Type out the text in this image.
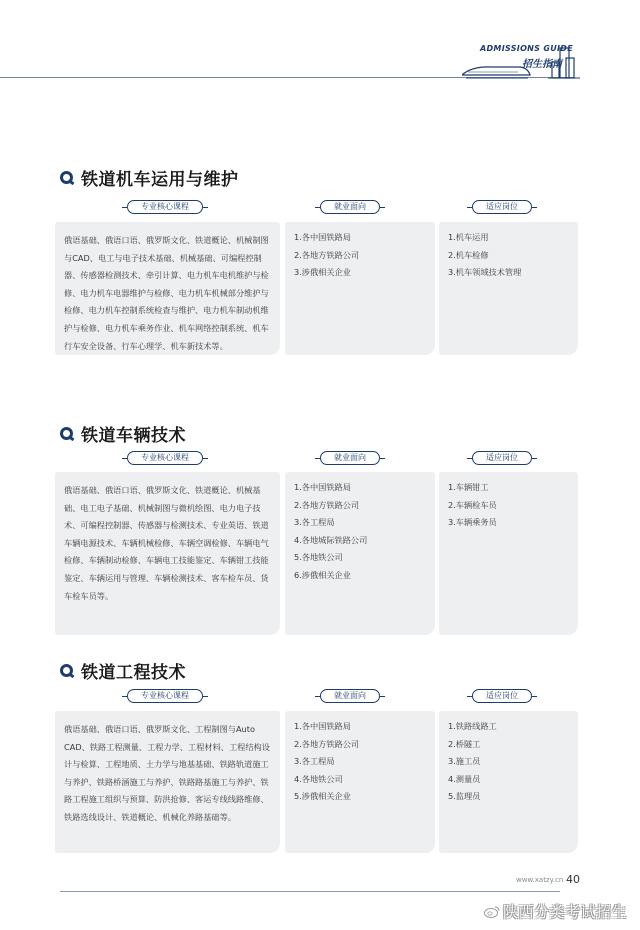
ADMISSIONS GUIDE
招生指南
铁道机车运用与维护
专业核心课程	就业面向	适应岗位
俄语基础、俄语口语、俄罗斯文化、铁道概论、机械制图与CAD、电工与电子技术基础、机械基础、可编程控制器、传感器检测技术、牵引计算、电力机车电机维护与检修、电力机车电器维护与检修、电力机车机械部分维护与检修、电力机车控制系统检查与维护、电力机车制动机维护与检修、电力机车乘务作业、机车网络控制系统、机车行车安全设备、行车心理学、机车新技术等。
1.各中国铁路局
2.各地方铁路公司
3.涉俄相关企业
1.机车运用
2.机车检修
3.机车领域技术管理
铁道车辆技术
专业核心课程	就业面向	适应岗位
俄语基础、俄语口语、俄罗斯文化、铁道概论、机械基础、电工电子基础、机械制图与微机绘图、电力电子技术、可编程控制器、传感器与检测技术、专业英语、铁道车辆电源技术、车辆机械检修、车辆空调检修、车辆电气检修、车辆制动检修、车辆电工技能鉴定、车辆钳工技能鉴定、车辆运用与管理、车辆检测技术、客车检车员、货车检车员等。
1.各中国铁路局
2.各地方铁路公司
3.各工程局
4.各地城际铁路公司
5.各地铁公司
6.涉俄相关企业
1.车辆钳工
2.车辆检车员
3.车辆乘务员
铁道工程技术
专业核心课程	就业面向	适应岗位
俄语基础、俄语口语、俄罗斯文化、工程制图与Auto CAD、铁路工程测量、工程力学、工程材料、工程结构设计与检算、工程地质、土力学与地基基础、铁路轨道施工与养护、铁路桥涵施工与养护、铁路路基施工与养护、铁路工程施工组织与预算、防洪抢修、客运专线线路维修、铁路选线设计、铁道概论、机械化养路基础等。
1.各中国铁路局
2.各地方铁路公司
3.各工程局
4.各地铁公司
5.涉俄相关企业
1.铁路线路工
2.桥隧工
3.施工员
4.测量员
5.监理员
www.xatzy.cn 40
陕西分类考试招生
